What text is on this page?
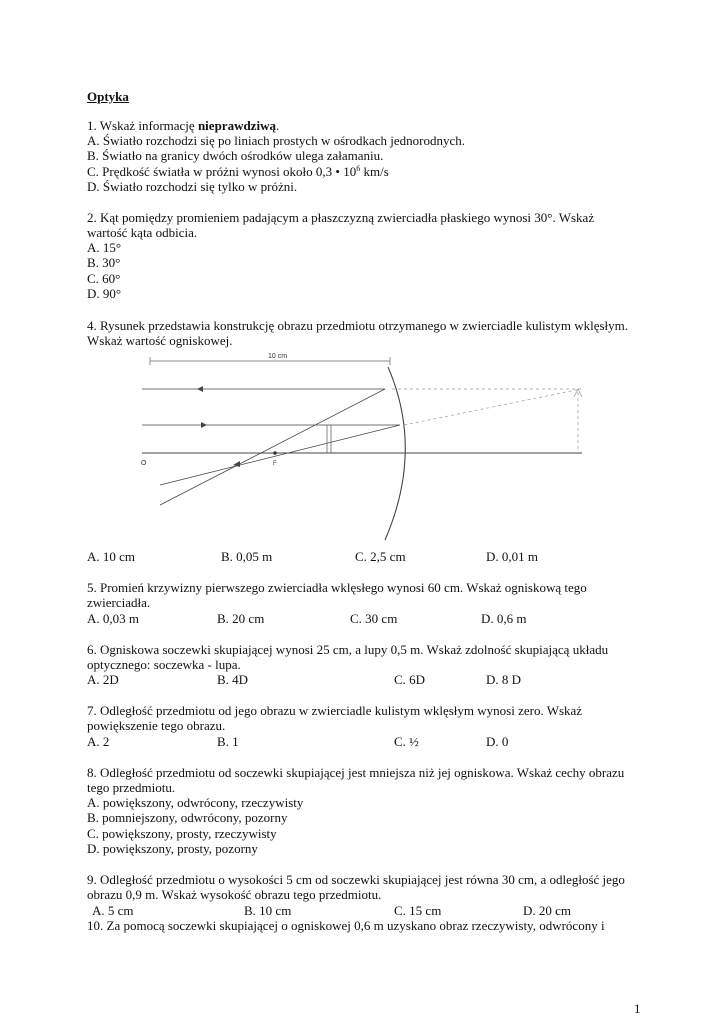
Optyka
1. Wskaż informację nieprawdziwą.
A. Światło rozchodzi się po liniach prostych w ośrodkach jednorodnych.
B. Światło na granicy dwóch ośrodków ulega załamaniu.
C. Prędkość światła w próżni wynosi około 0,3 • $10^6$ km/s
D. Światło rozchodzi się tylko w próżni.
2. Kąt pomiędzy promieniem padającym a płaszczyzną zwierciadła płaskiego wynosi 30°. Wskaż
wartość kąta odbicia.
A. 15°
B. 30°
C. 60°
D. 90°
4. Rysunek przedstawia konstrukcję obrazu przedmiotu otrzymanego w zwierciadle kulistym wklęsłym.
Wskaż wartość ogniskowej.
10 cm
O	F
A. 10 cm	B. 0,05 m	C. 2,5 cm	D. 0,01 m
5. Promień krzywizny pierwszego zwierciadła wklęsłego wynosi 60 cm. Wskaż ogniskową tego
zwierciadła.
A. 0,03 m	B. 20 cm	C. 30 cm	D. 0,6 m
6. Ogniskowa soczewki skupiającej wynosi 25 cm, a lupy 0,5 m. Wskaż zdolność skupiającą układu
optycznego: soczewka - lupa.
A. 2D	B. 4D	C. 6D	D. 8 D
7. Odległość przedmiotu od jego obrazu w zwierciadle kulistym wklęsłym wynosi zero. Wskaż
powiększenie tego obrazu.
A. 2	B. 1	C. ½	D. 0
8. Odległość przedmiotu od soczewki skupiającej jest mniejsza niż jej ogniskowa. Wskaż cechy obrazu
tego przedmiotu.
A. powiększony, odwrócony, rzeczywisty
B. pomniejszony, odwrócony, pozorny
C. powiększony, prosty, rzeczywisty
D. powiększony, prosty, pozorny
9. Odległość przedmiotu o wysokości 5 cm od soczewki skupiającej jest równa 30 cm, a odległość jego
obrazu 0,9 m. Wskaż wysokość obrazu tego przedmiotu.
A. 5 cm	B. 10 cm	C. 15 cm	D. 20 cm
10. Za pomocą soczewki skupiającej o ogniskowej 0,6 m uzyskano obraz rzeczywisty, odwrócony i
1
